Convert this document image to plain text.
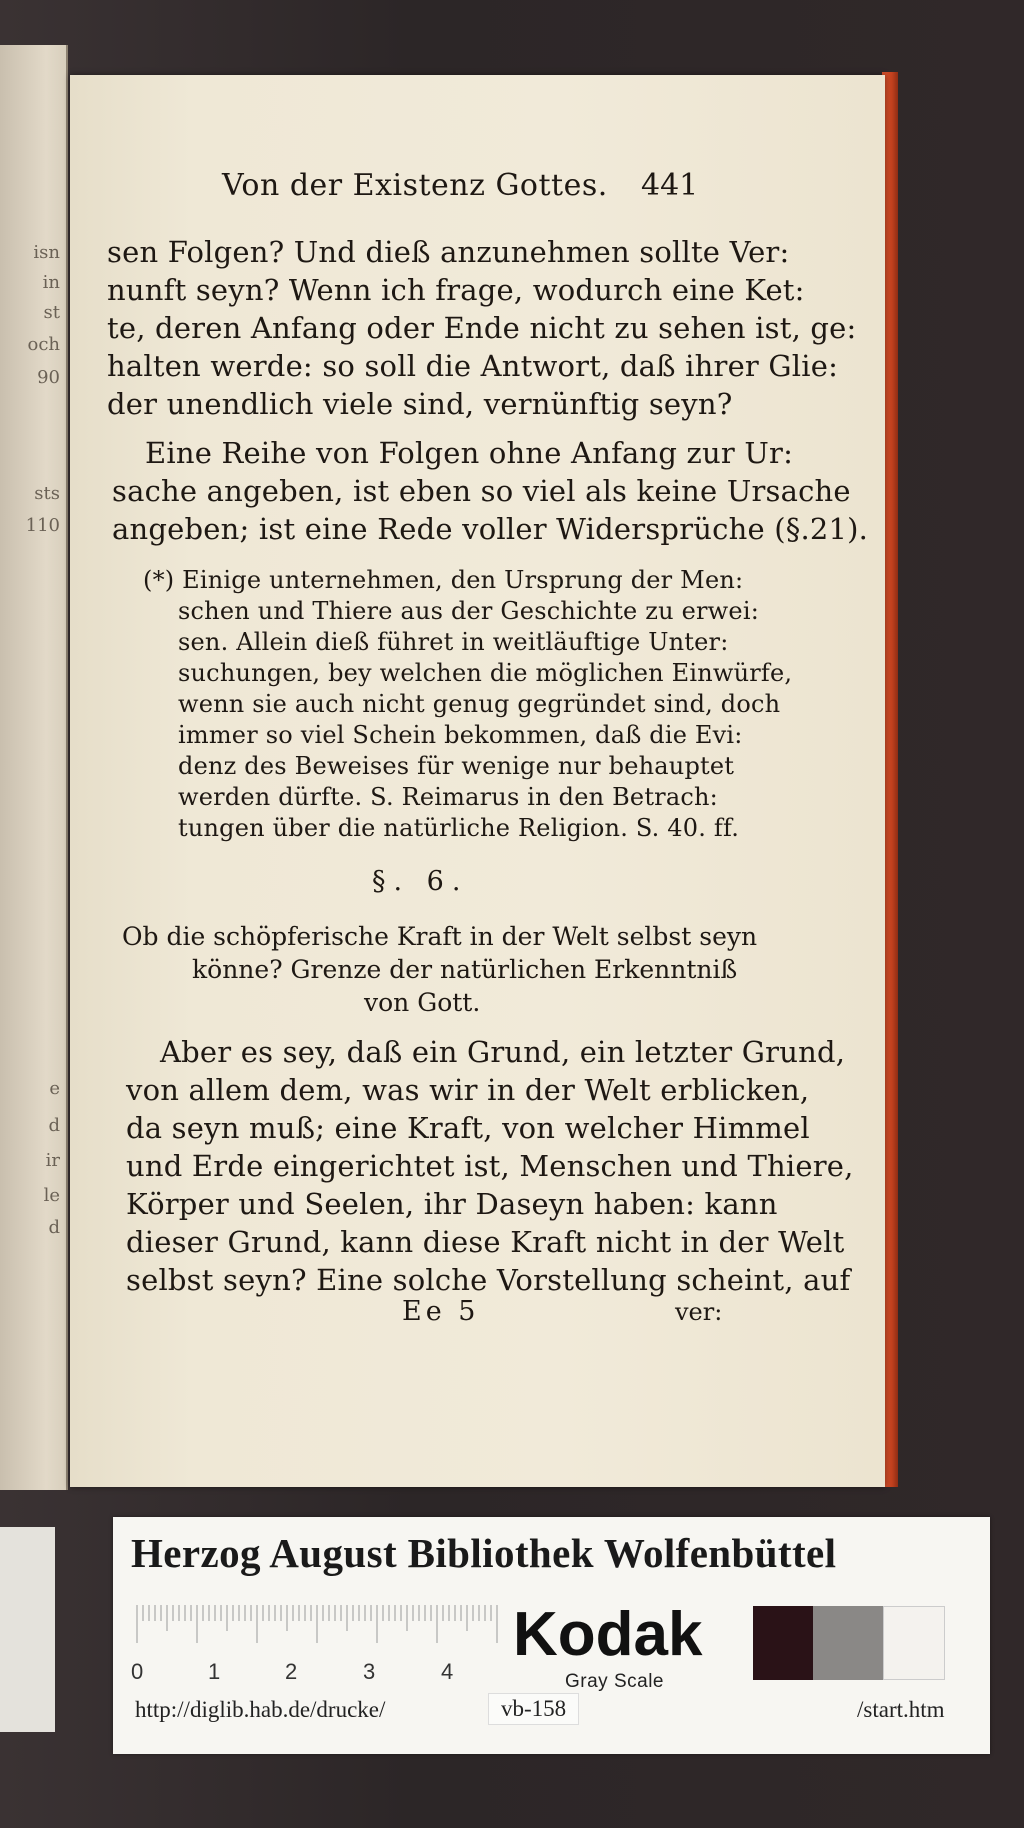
isn
in
st
och
90
sts
110
e
d
ir
le
d
Von der Existenz Gottes. 441
sen Folgen? Und dieß anzunehmen sollte Ver:
nunft seyn? Wenn ich frage, wodurch eine Ket:
te, deren Anfang oder Ende nicht zu sehen ist, ge:
halten werde: so soll die Antwort, daß ihrer Glie:
der unendlich viele sind, vernünftig seyn?
Eine Reihe von Folgen ohne Anfang zur Ur:
sache angeben, ist eben so viel als keine Ursache
angeben; ist eine Rede voller Widersprüche (§.21).
(*) Einige unternehmen, den Ursprung der Men:
schen und Thiere aus der Geschichte zu erwei:
sen. Allein dieß führet in weitläuftige Unter:
suchungen, bey welchen die möglichen Einwürfe,
wenn sie auch nicht genug gegründet sind, doch
immer so viel Schein bekommen, daß die Evi:
denz des Beweises für wenige nur behauptet
werden dürfte. S. Reimarus in den Betrach:
tungen über die natürliche Religion. S. 40. ff.
§. 6.
Ob die schöpferische Kraft in der Welt selbst seyn
könne? Grenze der natürlichen Erkenntniß
von Gott.
Aber es sey, daß ein Grund, ein letzter Grund,
von allem dem, was wir in der Welt erblicken,
da seyn muß; eine Kraft, von welcher Himmel
und Erde eingerichtet ist, Menschen und Thiere,
Körper und Seelen, ihr Daseyn haben: kann
dieser Grund, kann diese Kraft nicht in der Welt
selbst seyn? Eine solche Vorstellung scheint, auf
Ee 5	ver:
Herzog August Bibliothek Wolfenbüttel
0	1	2	3	4
Kodak
Gray Scale
http://diglib.hab.de/drucke/	vb-158	/start.htm
